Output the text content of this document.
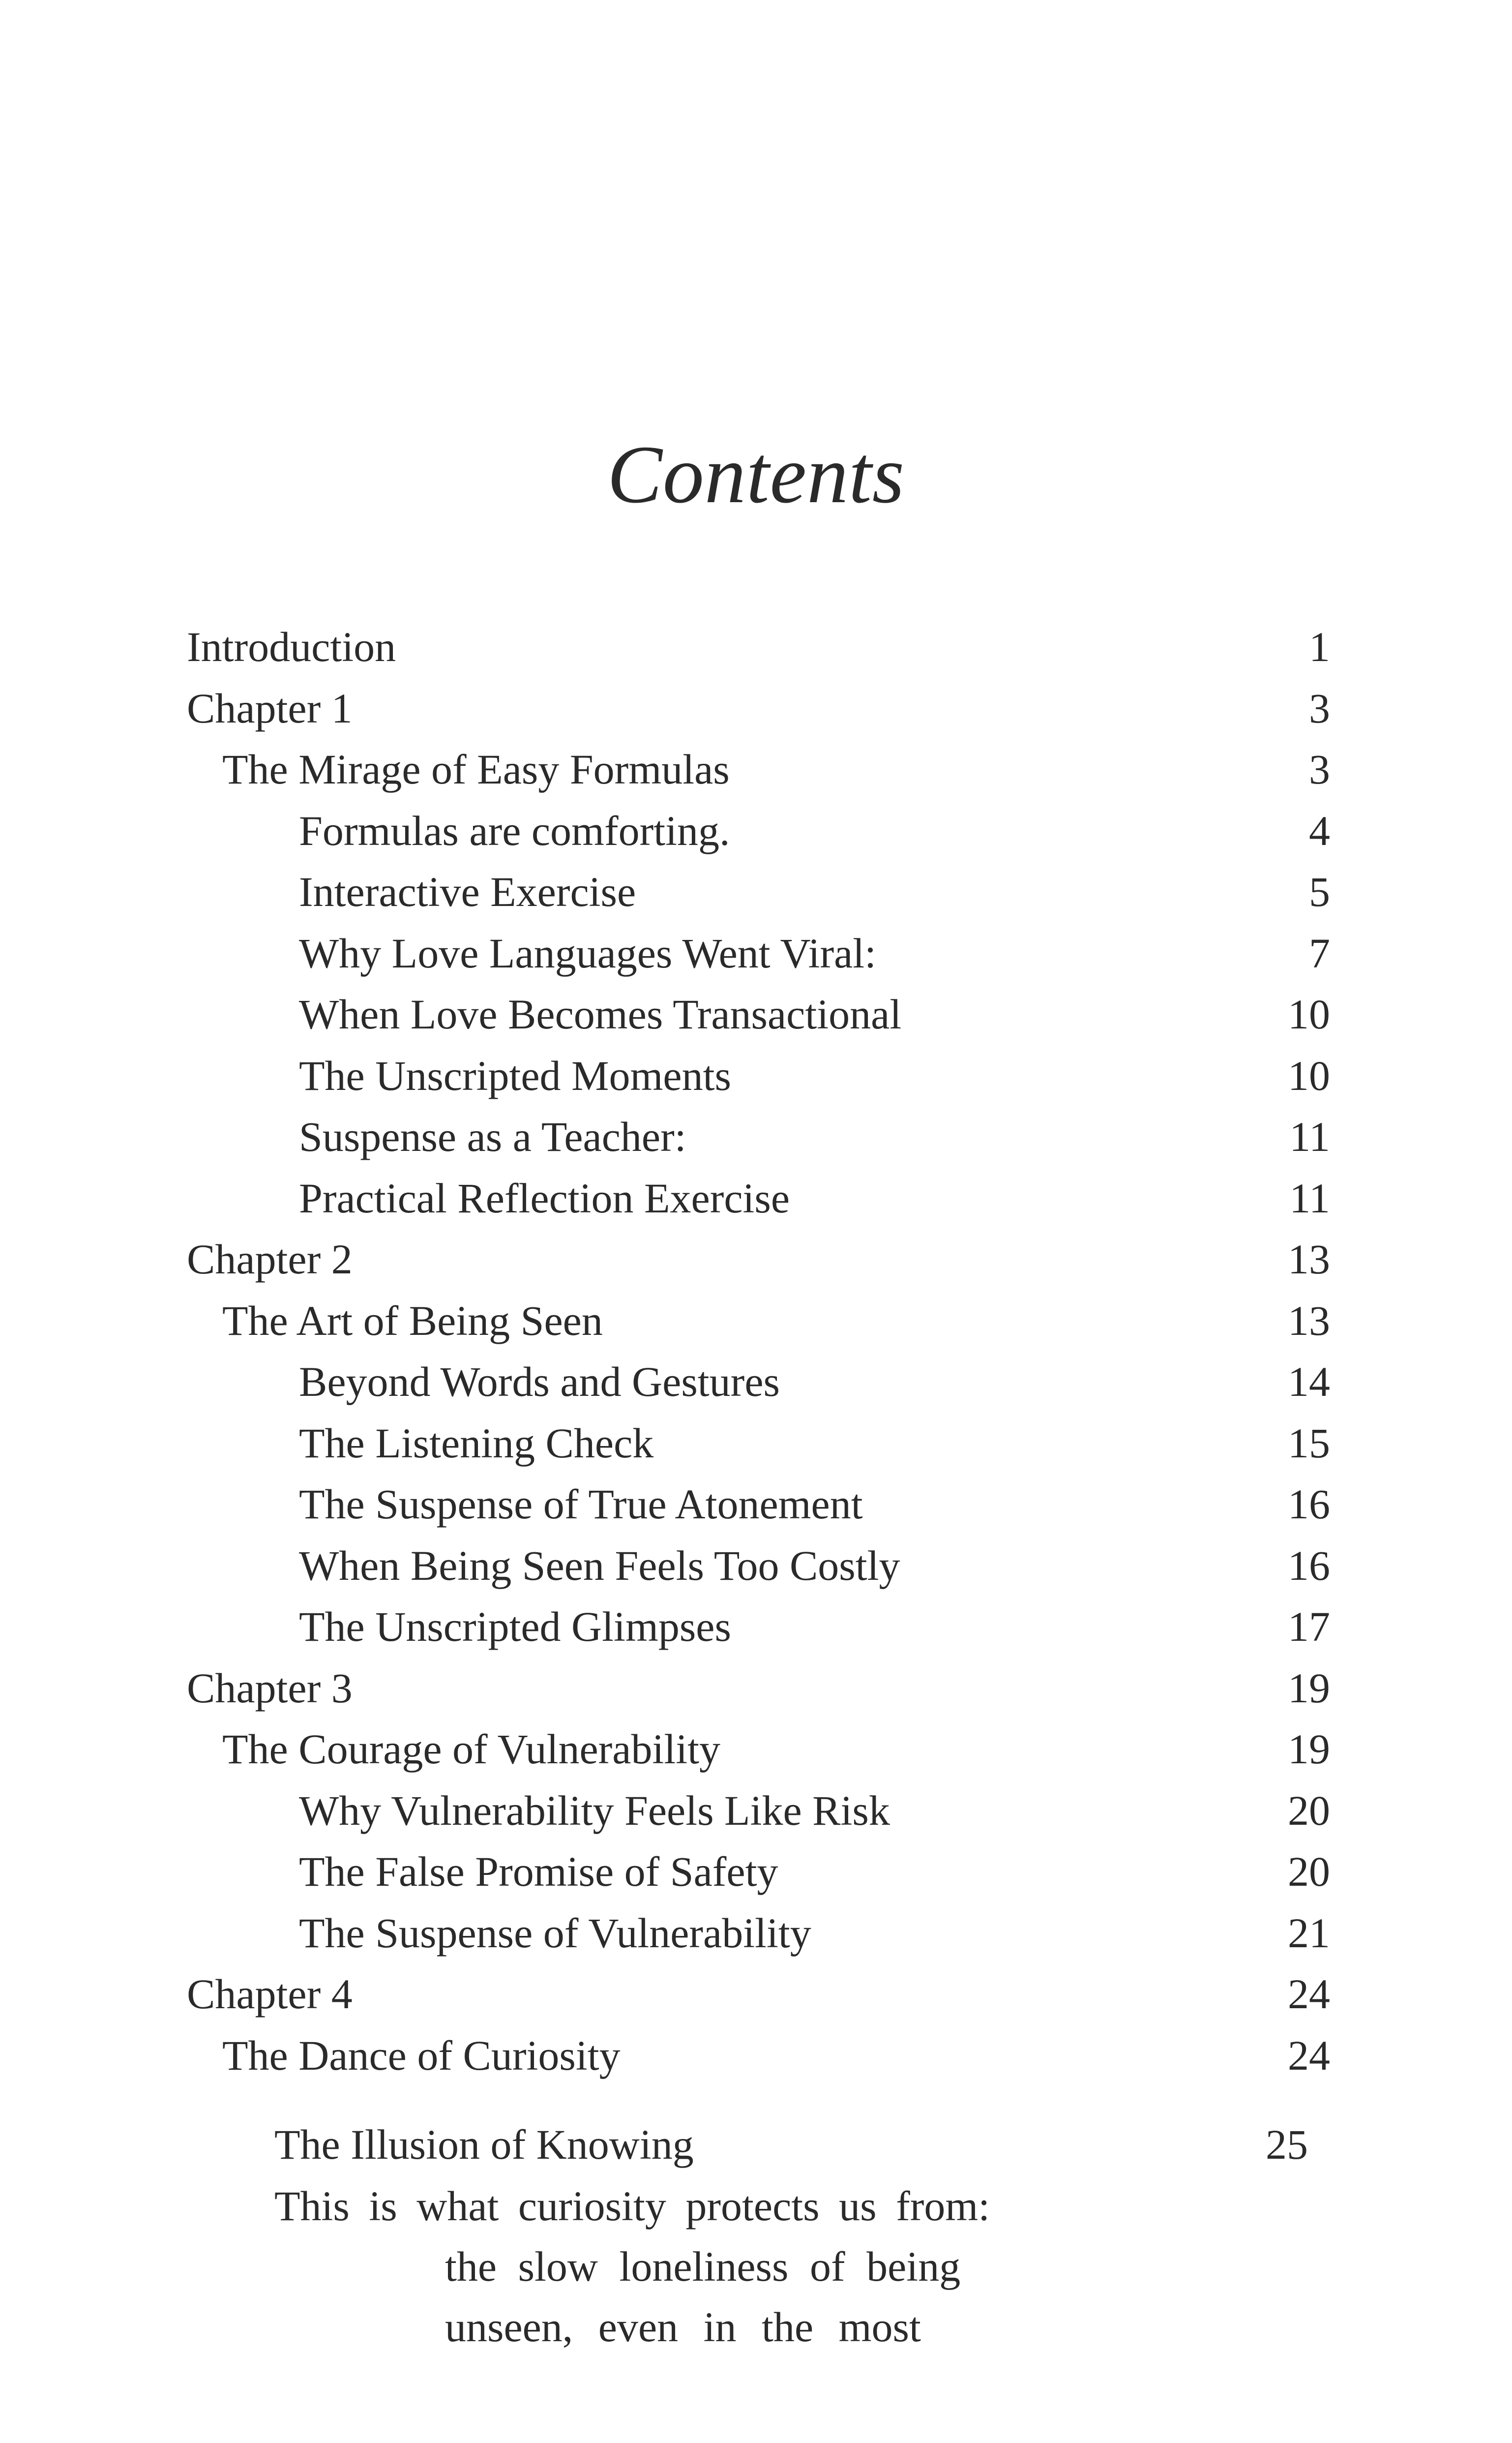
Contents
Introduction	1
Chapter 1	3
The Mirage of Easy Formulas	3
Formulas are comforting.	4
Interactive Exercise	5
Why Love Languages Went Viral:	7
When Love Becomes Transactional	10
The Unscripted Moments	10
Suspense as a Teacher:	11
Practical Reflection Exercise	11
Chapter 2	13
The Art of Being Seen	13
Beyond Words and Gestures	14
The Listening Check	15
The Suspense of True Atonement	16
When Being Seen Feels Too Costly	16
The Unscripted Glimpses	17
Chapter 3	19
The Courage of Vulnerability	19
Why Vulnerability Feels Like Risk	20
The False Promise of Safety	20
The Suspense of Vulnerability	21
Chapter 4	24
The Dance of Curiosity	24
The Illusion of Knowing	25
This is what curiosity protects us from:
the slow loneliness of being
unseen, even in the most
